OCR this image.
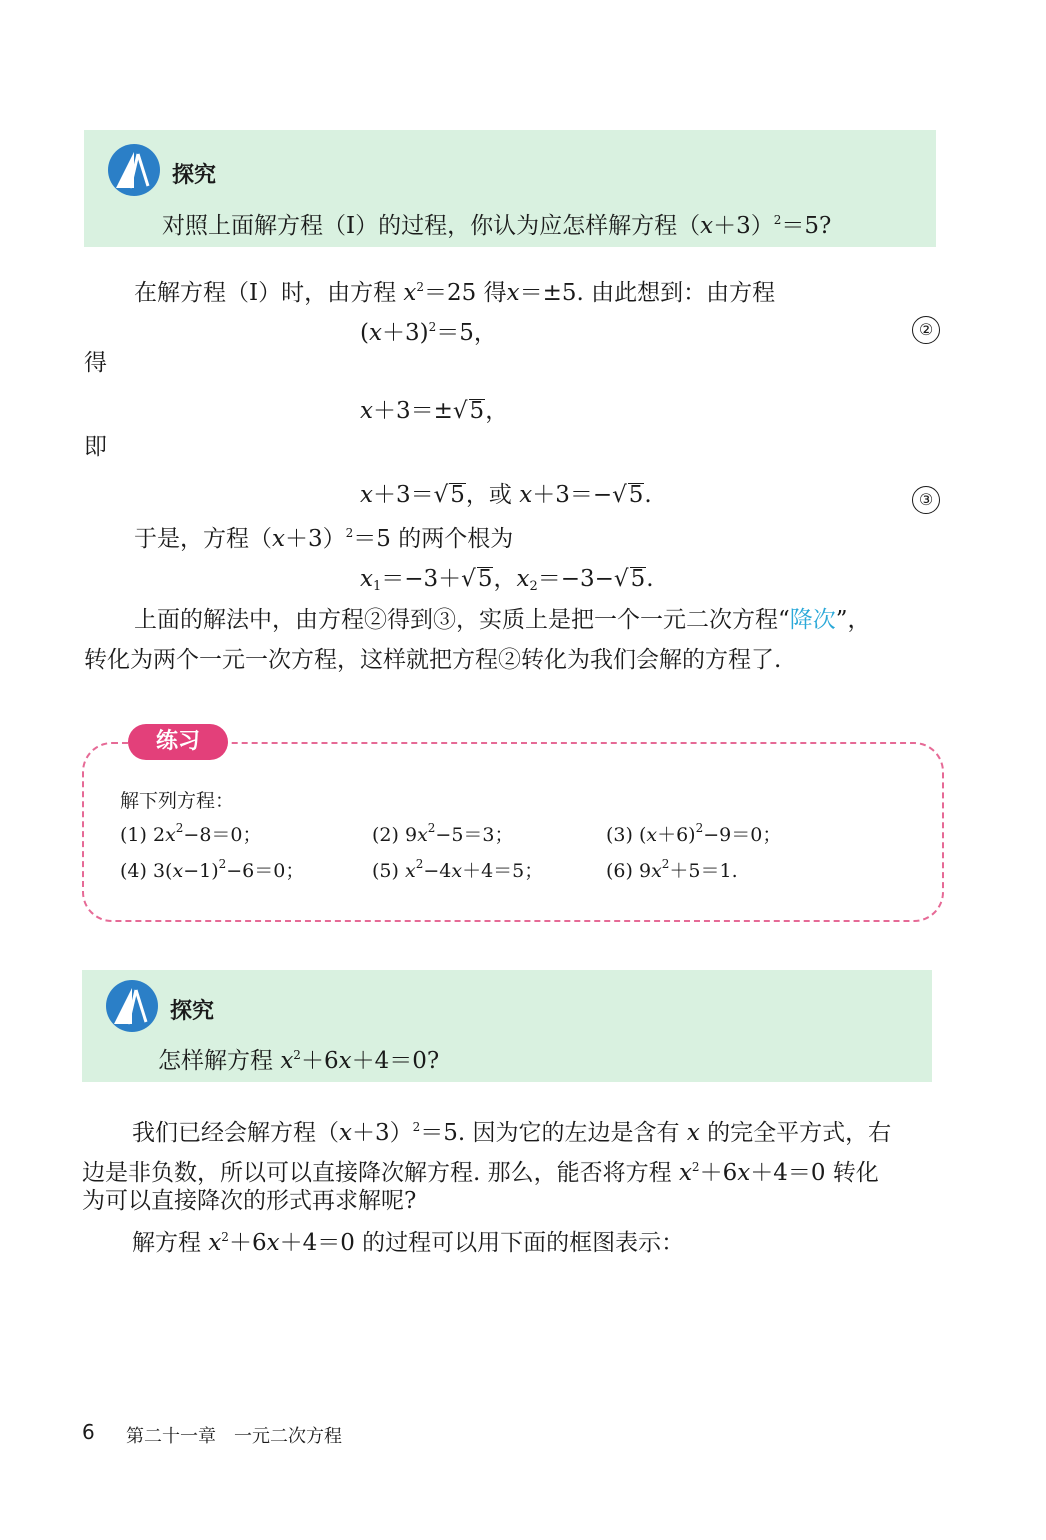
探究
对照上面解方程（Ⅰ）的过程，你认为应怎样解方程$(x+3)^2=5$?
在解方程（Ⅰ）时，由方程 $x^2=25$ 得x＝±5. 由此想到：由方程
$(x+3)^2=5$，	②
得
x＋3＝±√5，
即
x＋3＝√5，或 x＋3＝−√5.	③
于是，方程$(x+3)^2=5$ 的两个根为
$x_1=-3+√5$，$x_2=-3-√5$.
上面的解法中，由方程②得到③，实质上是把一个一元二次方程“降次”，
转化为两个一元一次方程，这样就把方程②转化为我们会解的方程了.
练习
解下列方程：
(1) $2x^2-8=0$；	(2) $9x^2-5=3$；	(3) $(x+6)^2-9=0$；
(4) $3(x-1)^2-6=0$；	(5) $x^2-4x+4=5$；	(6) $9x^2+5=1$.
探究
怎样解方程 $x^2+6x+4=0$?
我们已经会解方程$(x+3)^2=5$. 因为它的左边是含有 x 的完全平方式，右
边是非负数，所以可以直接降次解方程. 那么，能否将方程 $x^2+6x+4=0$ 转化
为可以直接降次的形式再求解呢?
解方程 $x^2+6x+4=0$ 的过程可以用下面的框图表示：
6 第二十一章　一元二次方程
